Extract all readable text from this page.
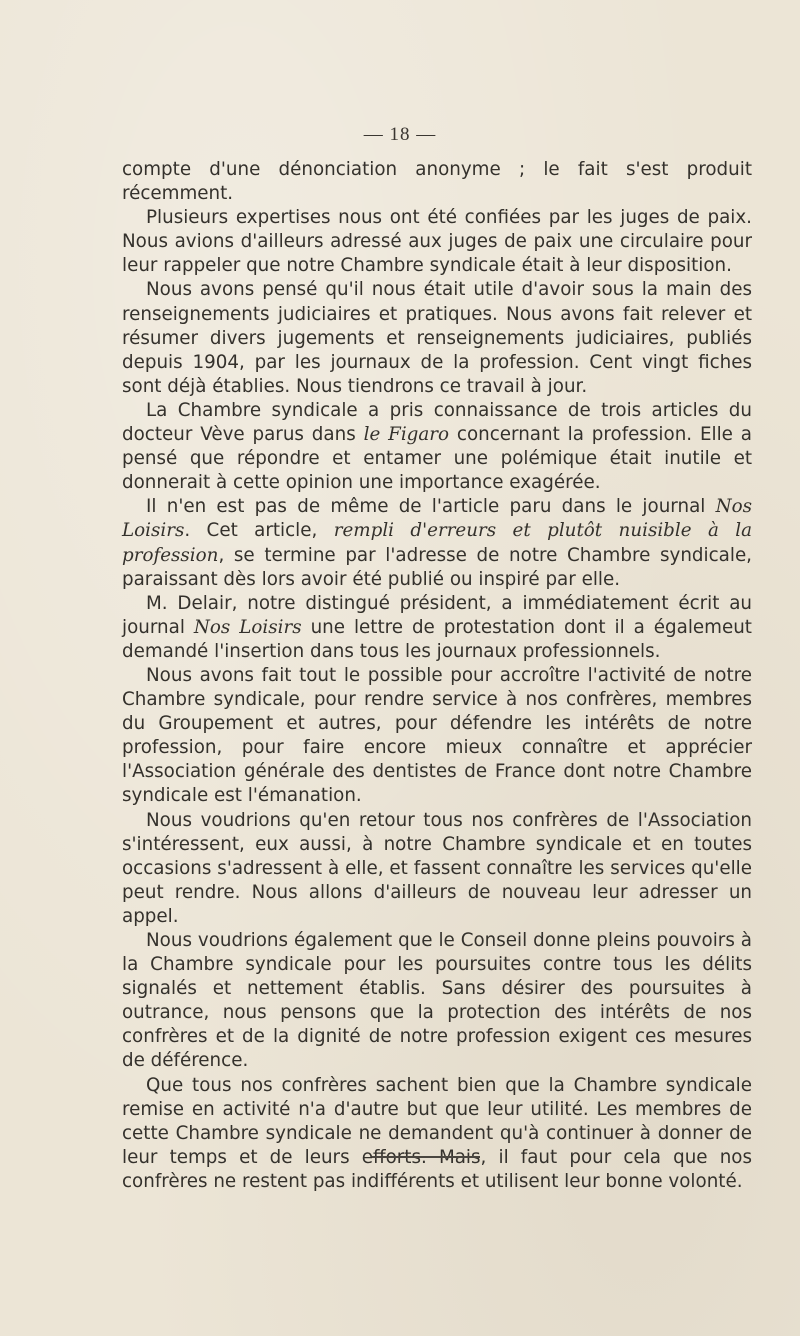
— 18 —

compte d'une dénonciation anonyme ; le fait s'est produit récemment.

Plusieurs expertises nous ont été confiées par les juges de paix. Nous avions d'ailleurs adressé aux juges de paix une circulaire pour leur rappeler que notre Chambre syndicale était à leur disposition.

Nous avons pensé qu'il nous était utile d'avoir sous la main des renseignements judiciaires et pratiques. Nous avons fait relever et résumer divers jugements et renseignements judiciaires, publiés depuis 1904, par les journaux de la profession. Cent vingt fiches sont déjà établies. Nous tiendrons ce travail à jour.

La Chambre syndicale a pris connaissance de trois articles du docteur Vève parus dans le Figaro concernant la profession. Elle a pensé que répondre et entamer une polémique était inutile et donnerait à cette opinion une importance exagérée.

Il n'en est pas de même de l'article paru dans le journal Nos Loisirs. Cet article, rempli d'erreurs et plutôt nuisible à la profession, se termine par l'adresse de notre Chambre syndicale, paraissant dès lors avoir été publié ou inspiré par elle.

M. Delair, notre distingué président, a immédiatement écrit au journal Nos Loisirs une lettre de protestation dont il a égalemeut demandé l'insertion dans tous les journaux professionnels.

Nous avons fait tout le possible pour accroître l'activité de notre Chambre syndicale, pour rendre service à nos confrères, membres du Groupement et autres, pour défendre les intérêts de notre profession, pour faire encore mieux connaître et apprécier l'Association générale des dentistes de France dont notre Chambre syndicale est l'émanation.

Nous voudrions qu'en retour tous nos confrères de l'Association s'intéressent, eux aussi, à notre Chambre syndicale et en toutes occasions s'adressent à elle, et fassent connaître les services qu'elle peut rendre. Nous allons d'ailleurs de nouveau leur adresser un appel.

Nous voudrions également que le Conseil donne pleins pouvoirs à la Chambre syndicale pour les poursuites contre tous les délits signalés et nettement établis. Sans désirer des poursuites à outrance, nous pensons que la protection des intérêts de nos confrères et de la dignité de notre profession exigent ces mesures de déférence.

Que tous nos confrères sachent bien que la Chambre syndicale remise en activité n'a d'autre but que leur utilité. Les membres de cette Chambre syndicale ne demandent qu'à continuer à donner de leur temps et de leurs efforts. Mais, il faut pour cela que nos confrères ne restent pas indifférents et utilisent leur bonne volonté.
